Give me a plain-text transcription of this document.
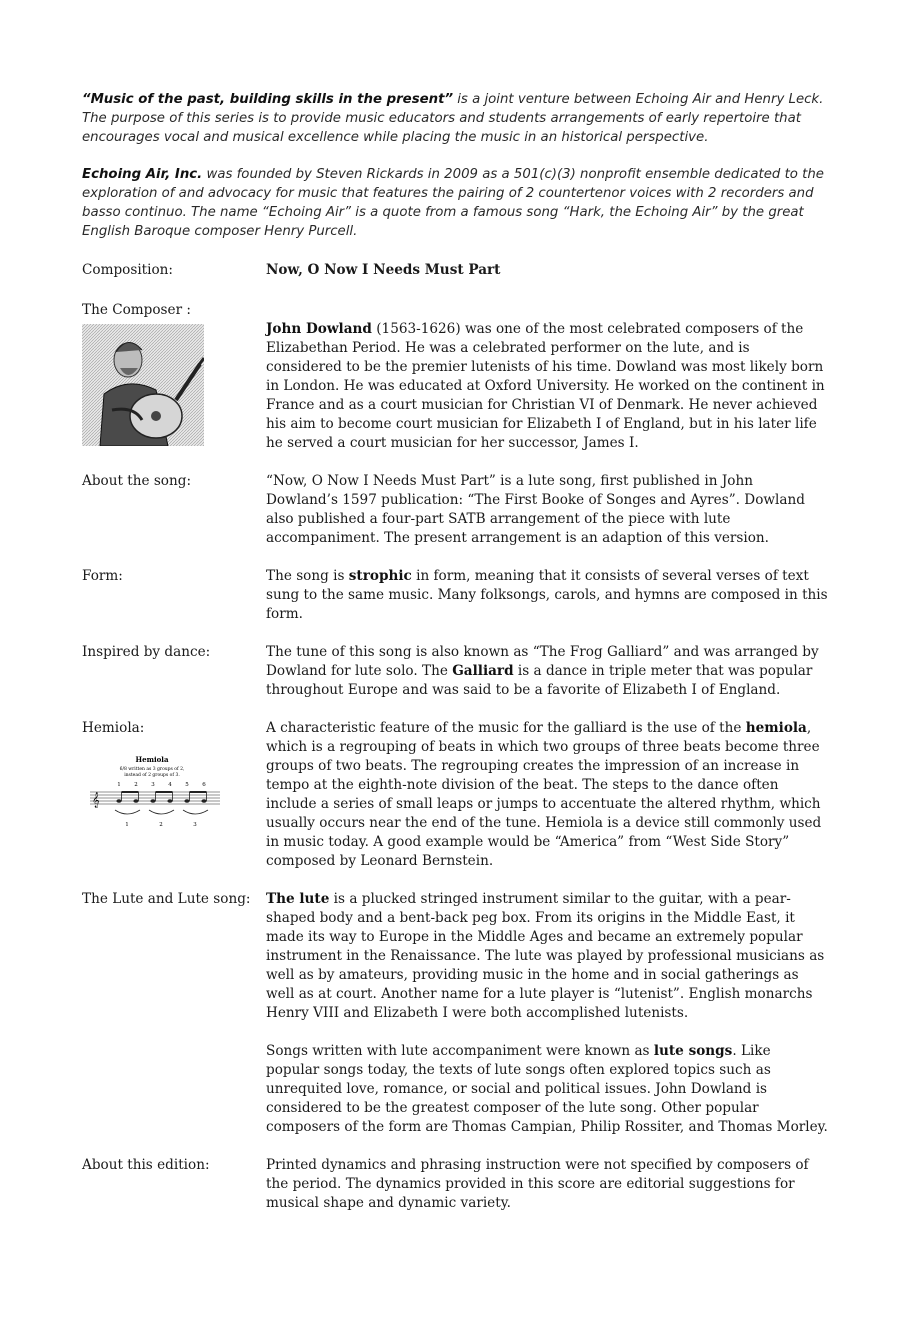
“Music of the past, building skills in the present” is a joint venture between Echoing Air and Henry Leck. The purpose of this series is to provide music educators and students arrangements of early repertoire that encourages vocal and musical excellence while placing the music in an historical perspective.

Echoing Air, Inc. was founded by Steven Rickards in 2009 as a 501(c)(3) nonprofit ensemble dedicated to the exploration of and advocacy for music that features the pairing of 2 countertenor voices with 2 recorders and basso continuo. The name “Echoing Air” is a quote from a famous song “Hark, the Echoing Air” by the great English Baroque composer Henry Purcell.

Composition:	Now, O Now I Needs Must Part
The Composer :
John Dowland (1563-1626) was one of the most celebrated composers of the Elizabethan Period. He was a celebrated performer on the lute, and is considered to be the premier lutenists of his time. Dowland was most likely born in London. He was educated at Oxford University. He worked on the continent in France and as a court musician for Christian VI of Denmark. He never achieved his aim to become court musician for Elizabeth I of England, but in his later life he served a court musician for her successor, James I.
About the song:	“Now, O Now I Needs Must Part” is a lute song, first published in John Dowland’s 1597 publication: “The First Booke of Songes and Ayres”. Dowland also published a four-part SATB arrangement of the piece with lute accompaniment. The present arrangement is an adaption of this version.
Form:	The song is strophic in form, meaning that it consists of several verses of text sung to the same music. Many folksongs, carols, and hymns are composed in this form.
Inspired by dance:	The tune of this song is also known as “The Frog Galliard” and was arranged by Dowland for lute solo. The Galliard is a dance in triple meter that was popular throughout Europe and was said to be a favorite of Elizabeth I of England.
Hemiola:
Hemiola
6/8 written as 3 groups of 2,
instead of 2 groups of 3.
1 2 3 4 5 6
𝄞
1	2	3
A characteristic feature of the music for the galliard is the use of the hemiola, which is a regrouping of beats in which two groups of three beats become three groups of two beats. The regrouping creates the impression of an increase in tempo at the eighth-note division of the beat. The steps to the dance often include a series of small leaps or jumps to accentuate the altered rhythm, which usually occurs near the end of the tune. Hemiola is a device still commonly used in music today. A good example would be “America” from “West Side Story” composed by Leonard Bernstein.
The Lute and Lute song:	The lute is a plucked stringed instrument similar to the guitar, with a pear-shaped body and a bent-back peg box. From its origins in the Middle East, it made its way to Europe in the Middle Ages and became an extremely popular instrument in the Renaissance. The lute was played by professional musicians as well as by amateurs, providing music in the home and in social gatherings as well as at court. Another name for a lute player is “lutenist”. English monarchs Henry VIII and Elizabeth I were both accomplished lutenists.

Songs written with lute accompaniment were known as lute songs. Like popular songs today, the texts of lute songs often explored topics such as unrequited love, romance, or social and political issues. John Dowland is considered to be the greatest composer of the lute song. Other popular composers of the form are Thomas Campian, Philip Rossiter, and Thomas Morley.

About this edition:	Printed dynamics and phrasing instruction were not specified by composers of the period. The dynamics provided in this score are editorial suggestions for musical shape and dynamic variety.
